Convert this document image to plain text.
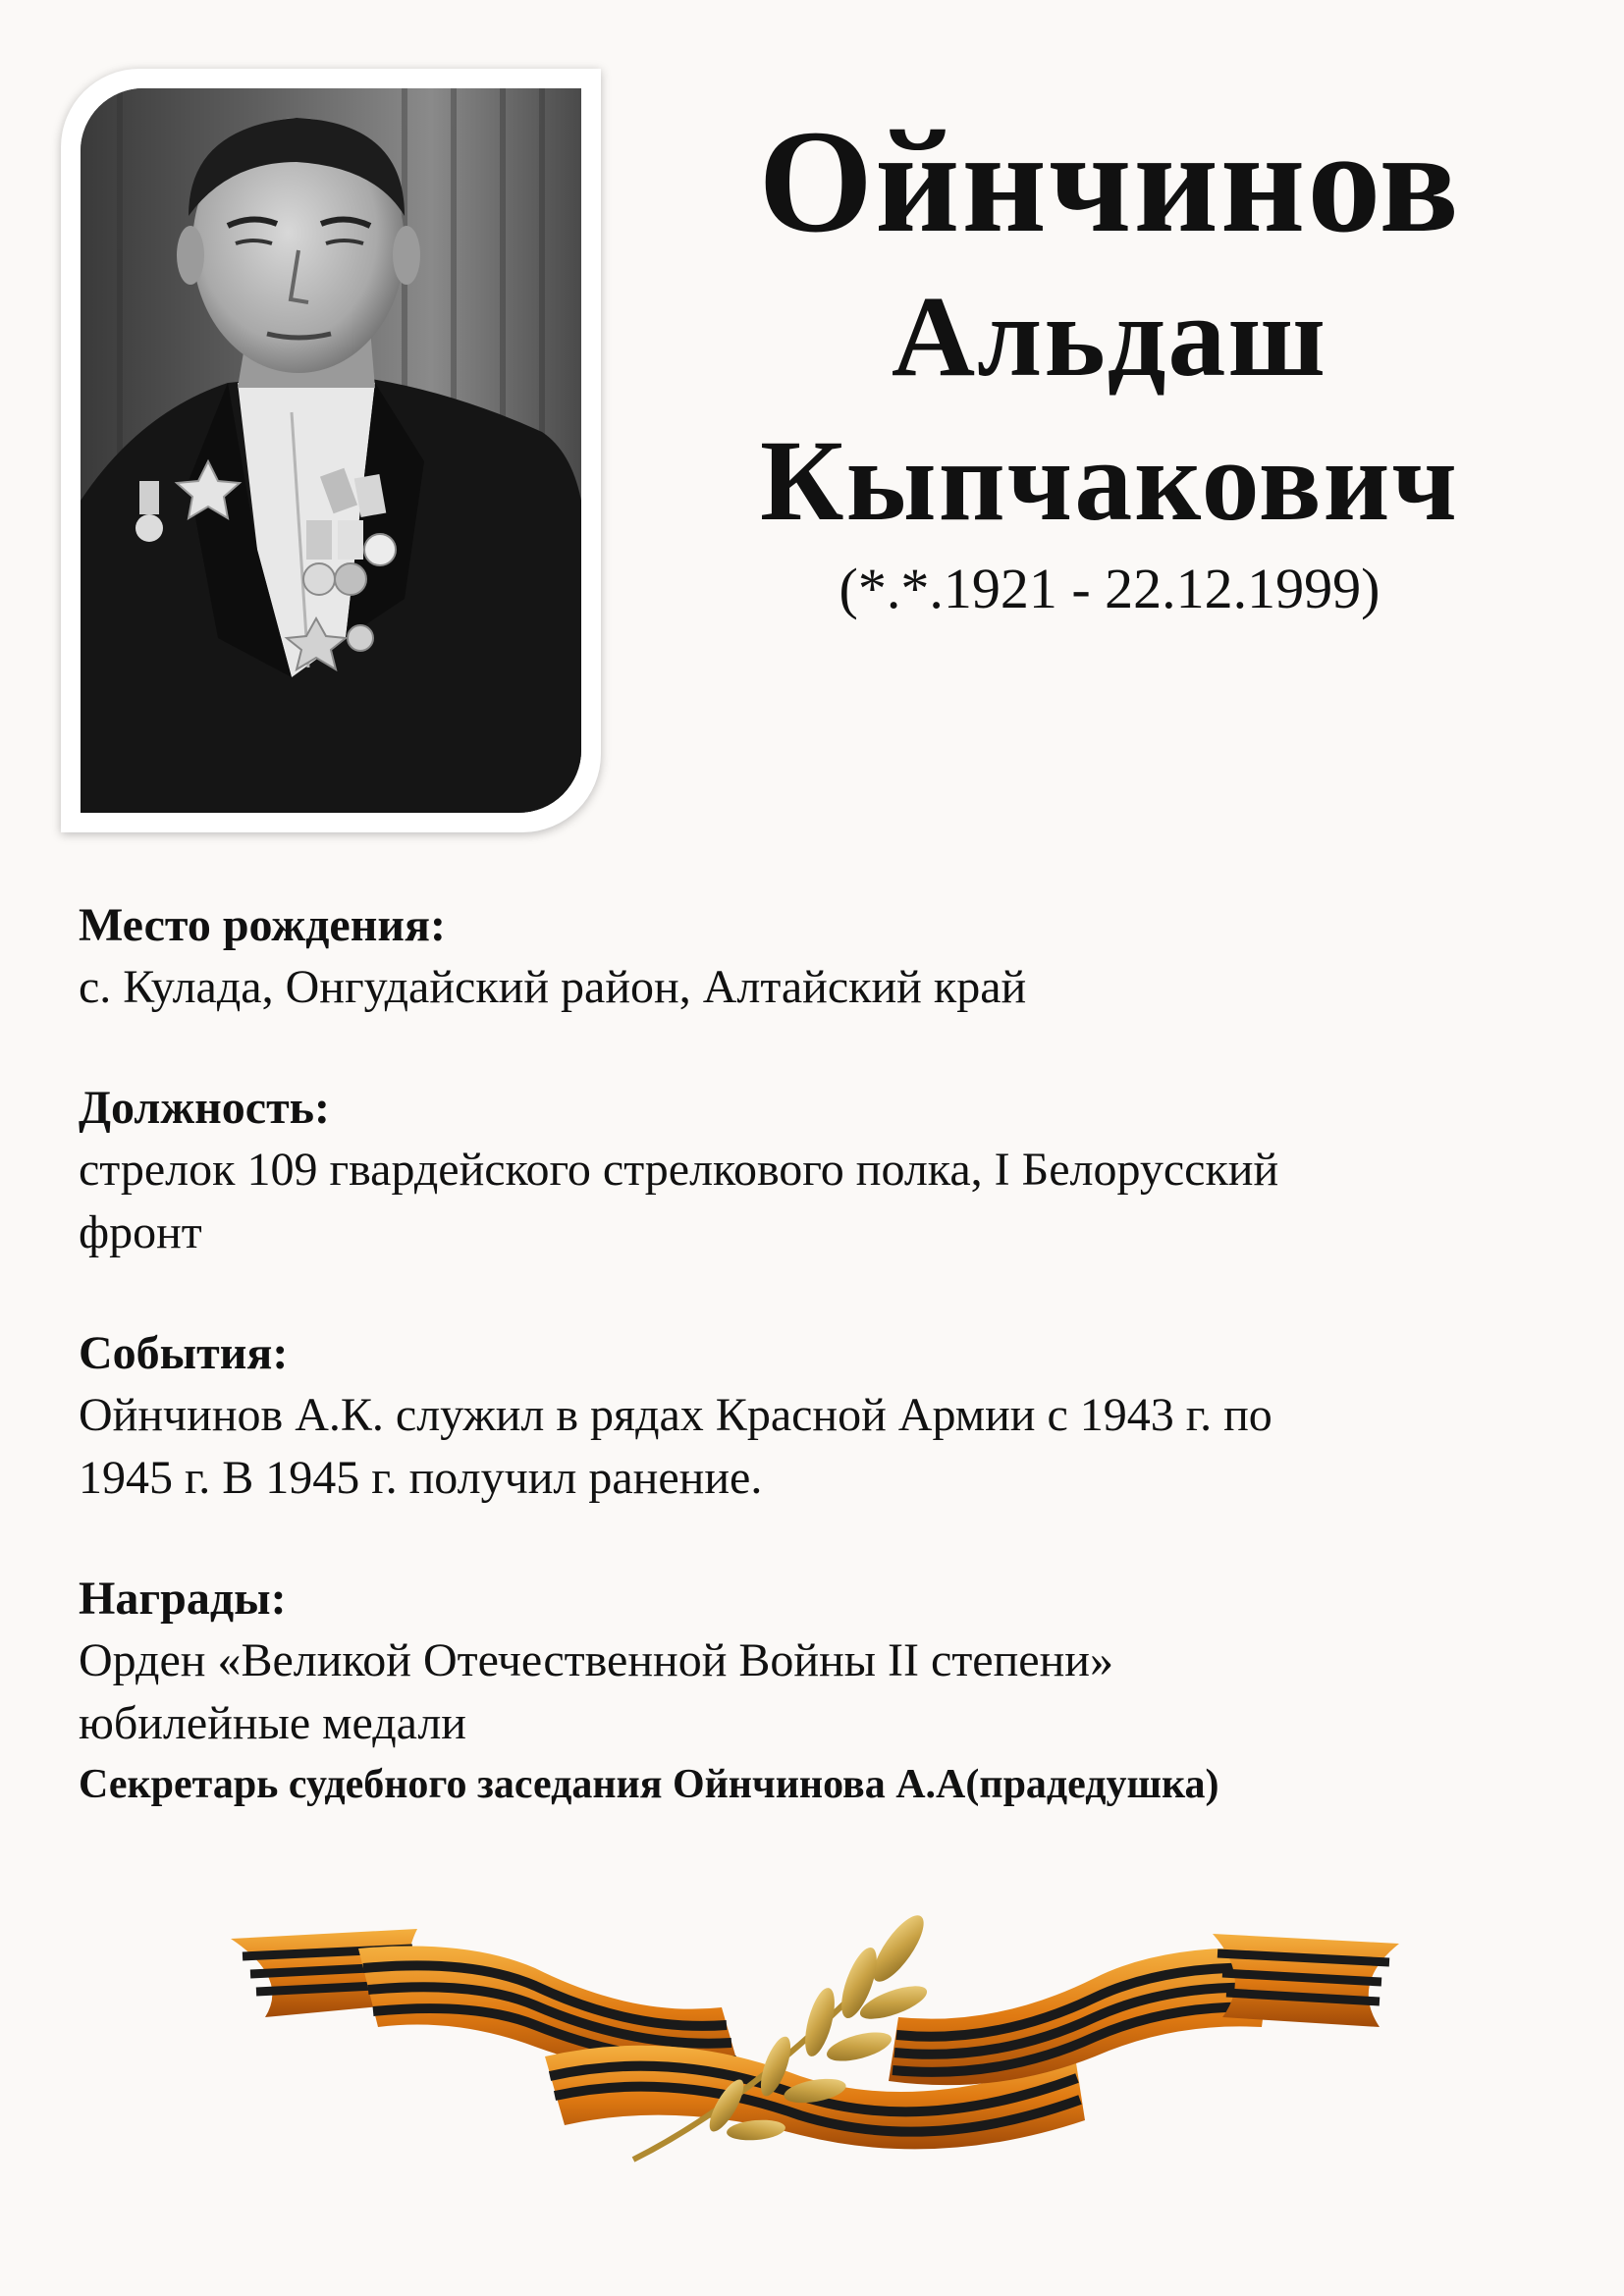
Ойнчинов
Альдаш
Кыпчакович
(*.*.1921 - 22.12.1999)
Место рождения:
с. Кулада, Онгудайский район, Алтайский край
Должность:
стрелок 109 гвардейского стрелкового полка, I Белорусский
фронт
События:
Ойнчинов А.К. служил в рядах Красной Армии с 1943 г. по
1945 г. В 1945 г. получил ранение.
Награды:
Орден «Великой Отечественной Войны II степени»
юбилейные медали
Секретарь судебного заседания Ойнчинова А.А(прадедушка)
